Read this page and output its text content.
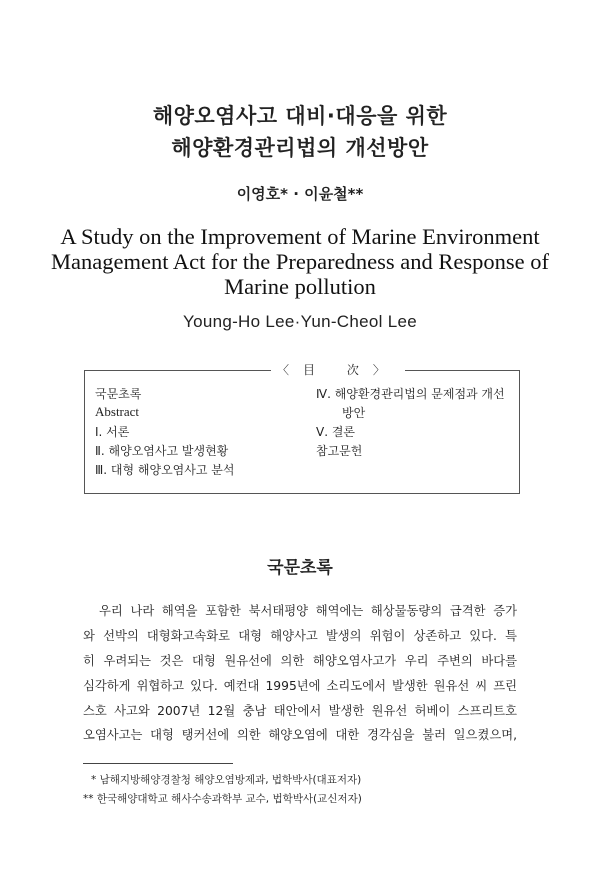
해양오염사고 대비·대응을 위한
해양환경관리법의 개선방안
이영호* · 이윤철**
A Study on the Improvement of Marine Environment
Management Act for the Preparedness and Response of
Marine pollution
Young-Ho Lee·Yun-Cheol Lee
〈目 次〉
국문초록
Abstract
Ⅰ. 서론
Ⅱ. 해양오염사고 발생현황
Ⅲ. 대형 해양오염사고 분석
Ⅳ. 해양환경관리법의 문제점과 개선
방안
Ⅴ. 결론
참고문헌
국문초록
우리 나라 해역을 포함한 북서태평양 해역에는 해상물동량의 급격한 증가
와 선박의 대형화고속화로 대형 해양사고 발생의 위험이 상존하고 있다. 특
히 우려되는 것은 대형 원유선에 의한 해양오염사고가 우리 주변의 바다를
심각하게 위협하고 있다. 예컨대 1995년에 소리도에서 발생한 원유선 씨 프린
스호 사고와 2007년 12월 충남 태안에서 발생한 원유선 허베이 스프리트호
오염사고는 대형 탱커선에 의한 해양오염에 대한 경각심을 불러 일으켰으며,
* 남해지방해양경찰청 해양오염방제과, 법학박사(대표저자)
** 한국해양대학교 해사수송과학부 교수, 법학박사(교신저자)
